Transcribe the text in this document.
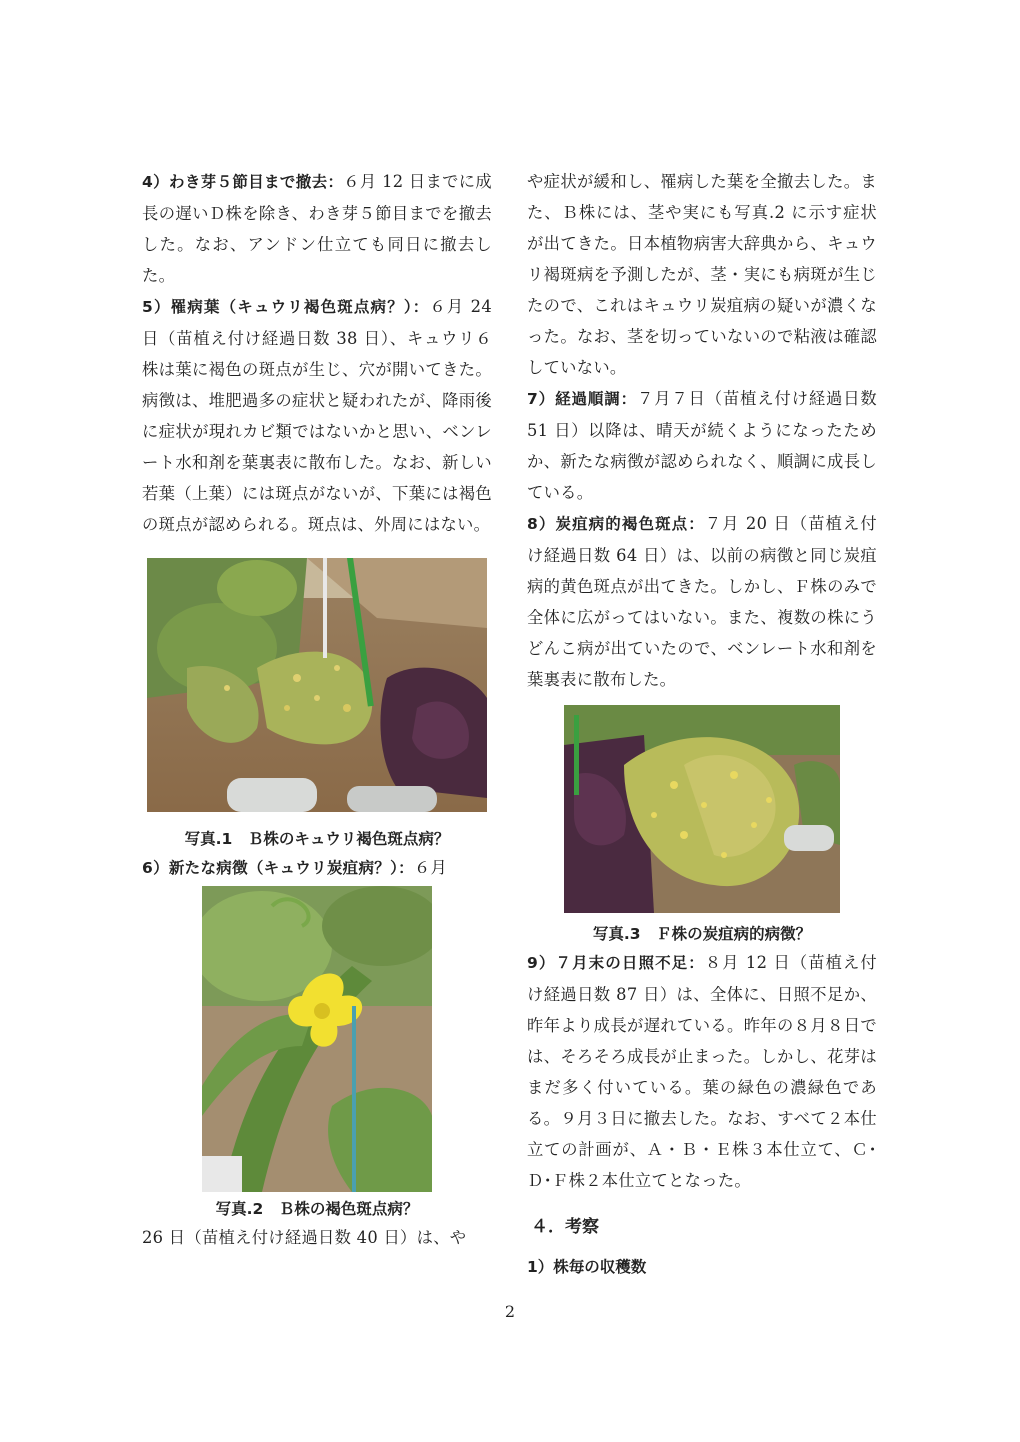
4）わき芽５節目まで撤去：６月 12 日までに成長の遅いＤ株を除き、わき芽５節目までを撤去した。なお、アンドン仕立ても同日に撤去した。

5）罹病葉（キュウリ褐色斑点病？）：６月 24 日（苗植え付け経過日数 38 日）、キュウリ６株は葉に褐色の斑点が生じ、穴が開いてきた。病徴は、堆肥過多の症状と疑われたが、降雨後に症状が現れカビ類ではないかと思い、ベンレート水和剤を葉裏表に散布した。なお、新しい若葉（上葉）には斑点がないが、下葉には褐色の斑点が認められる。斑点は、外周にはない。

写真.1　Ｂ株のキュウリ褐色斑点病？

6）新たな病徴（キュウリ炭疽病？）：６月

写真.2　Ｂ株の褐色斑点病？

26 日（苗植え付け経過日数 40 日）は、や

や症状が緩和し、罹病した葉を全撤去した。また、Ｂ株には、茎や実にも写真.2 に示す症状が出てきた。日本植物病害大辞典から、キュウリ褐斑病を予測したが、茎・実にも病斑が生じたので、これはキュウリ炭疽病の疑いが濃くなった。なお、茎を切っていないので粘液は確認していない。

7）経過順調：７月７日（苗植え付け経過日数 51 日）以降は、晴天が続くようになったためか、新たな病徴が認められなく、順調に成長している。

8）炭疽病的褐色斑点：７月 20 日（苗植え付け経過日数 64 日）は、以前の病徴と同じ炭疽病的黄色斑点が出てきた。しかし、Ｆ株のみで全体に広がってはいない。また、複数の株にうどんこ病が出ていたので、ベンレート水和剤を葉裏表に散布した。

写真.3　Ｆ株の炭疽病的病徴？

9）７月末の日照不足：８月 12 日（苗植え付け経過日数 87 日）は、全体に、日照不足か、昨年より成長が遅れている。昨年の８月８日では、そろそろ成長が止まった。しかし、花芽はまだ多く付いている。葉の緑色の濃緑色である。９月３日に撤去した。なお、すべて２本仕立ての計画が、Ａ・Ｂ・Ｅ株３本仕立て、Ｃ･Ｄ･Ｆ株２本仕立てとなった。

４．考察
1）株毎の収穫数
2
